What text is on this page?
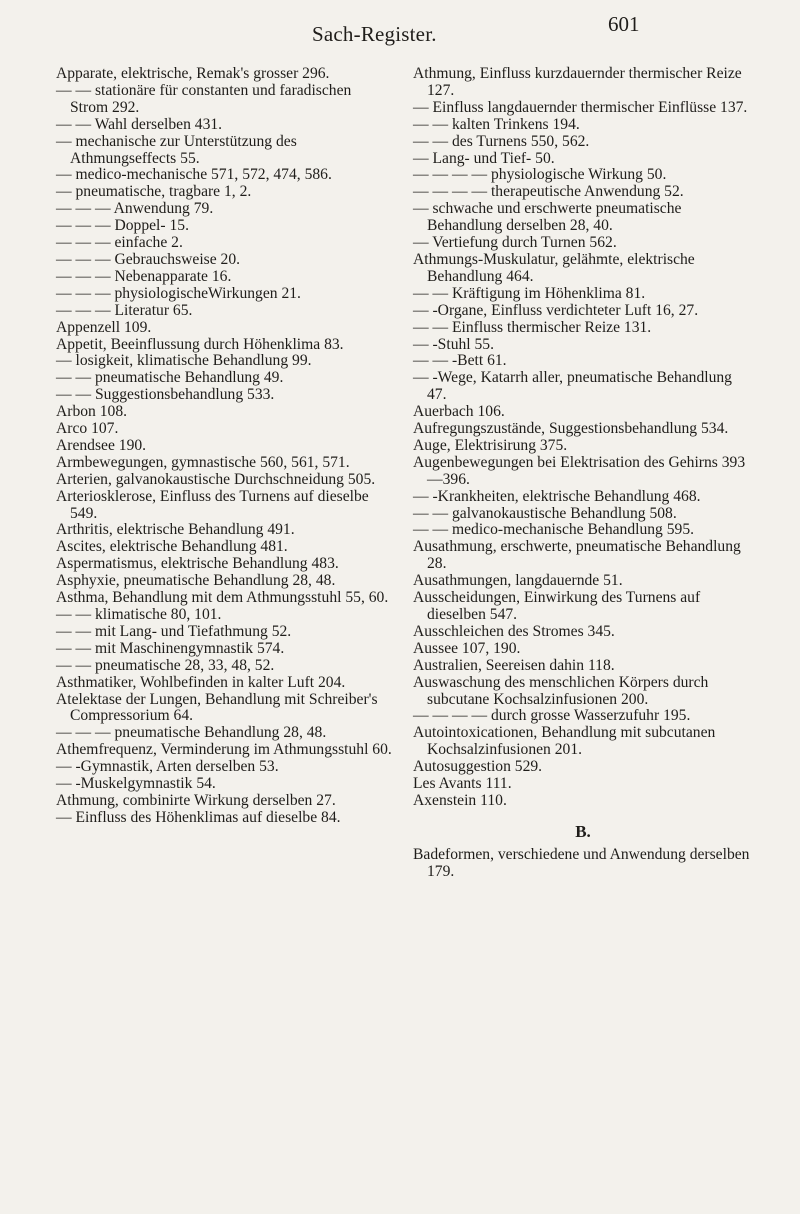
Sach-Register.	601

Apparate, elektrische, Remak's grosser 296.

— — stationäre für constanten und faradischen Strom 292.

— — Wahl derselben 431.

— mechanische zur Unterstützung des Athmungseffects 55.

— medico-mechanische 571, 572, 474, 586.

— pneumatische, tragbare 1, 2.

— — — Anwendung 79.

— — — Doppel- 15.

— — — einfache 2.

— — — Gebrauchsweise 20.

— — — Nebenapparate 16.

— — — physiologischeWirkungen 21.

— — — Literatur 65.

Appenzell 109.

Appetit, Beeinflussung durch Höhenklima 83.

— losigkeit, klimatische Behandlung 99.

— — pneumatische Behandlung 49.

— — Suggestionsbehandlung 533.

Arbon 108.

Arco 107.

Arendsee 190.

Armbewegungen, gymnastische 560, 561, 571.

Arterien, galvanokaustische Durchschneidung 505.

Arteriosklerose, Einfluss des Turnens auf dieselbe 549.

Arthritis, elektrische Behandlung 491.

Ascites, elektrische Behandlung 481.

Aspermatismus, elektrische Behandlung 483.

Asphyxie, pneumatische Behandlung 28, 48.

Asthma, Behandlung mit dem Athmungsstuhl 55, 60.

— — klimatische 80, 101.

— — mit Lang- und Tiefathmung 52.

— — mit Maschinengymnastik 574.

— — pneumatische 28, 33, 48, 52.

Asthmatiker, Wohlbefinden in kalter Luft 204.

Atelektase der Lungen, Behandlung mit Schreiber's Compressorium 64.

— — — pneumatische Behandlung 28, 48.

Athemfrequenz, Verminderung im Athmungsstuhl 60.

— -Gymnastik, Arten derselben 53.

— -Muskelgymnastik 54.

Athmung, combinirte Wirkung derselben 27.

— Einfluss des Höhenklimas auf dieselbe 84.

Athmung, Einfluss kurzdauernder thermischer Reize 127.

— Einfluss langdauernder thermischer Einflüsse 137.

— — kalten Trinkens 194.

— — des Turnens 550, 562.

— Lang- und Tief- 50.

— — — — physiologische Wirkung 50.

— — — — therapeutische Anwendung 52.

— schwache und erschwerte pneumatische Behandlung derselben 28, 40.

— Vertiefung durch Turnen 562.

Athmungs-Muskulatur, gelähmte, elektrische Behandlung 464.

— — Kräftigung im Höhenklima 81.

— -Organe, Einfluss verdichteter Luft 16, 27.

— — Einfluss thermischer Reize 131.

— -Stuhl 55.

— — -Bett 61.

— -Wege, Katarrh aller, pneumatische Behandlung 47.

Auerbach 106.

Aufregungszustände, Suggestionsbehandlung 534.

Auge, Elektrisirung 375.

Augenbewegungen bei Elektrisation des Gehirns 393—396.

— -Krankheiten, elektrische Behandlung 468.

— — galvanokaustische Behandlung 508.

— — medico-mechanische Behandlung 595.

Ausathmung, erschwerte, pneumatische Behandlung 28.

Ausathmungen, langdauernde 51.

Ausscheidungen, Einwirkung des Turnens auf dieselben 547.

Ausschleichen des Stromes 345.

Aussee 107, 190.

Australien, Seereisen dahin 118.

Auswaschung des menschlichen Körpers durch subcutane Kochsalzinfusionen 200.

— — — — durch grosse Wasserzufuhr 195.

Autointoxicationen, Behandlung mit subcutanen Kochsalzinfusionen 201.

Autosuggestion 529.

Les Avants 111.

Axenstein 110.

B.

Badeformen, verschiedene und Anwendung derselben 179.
